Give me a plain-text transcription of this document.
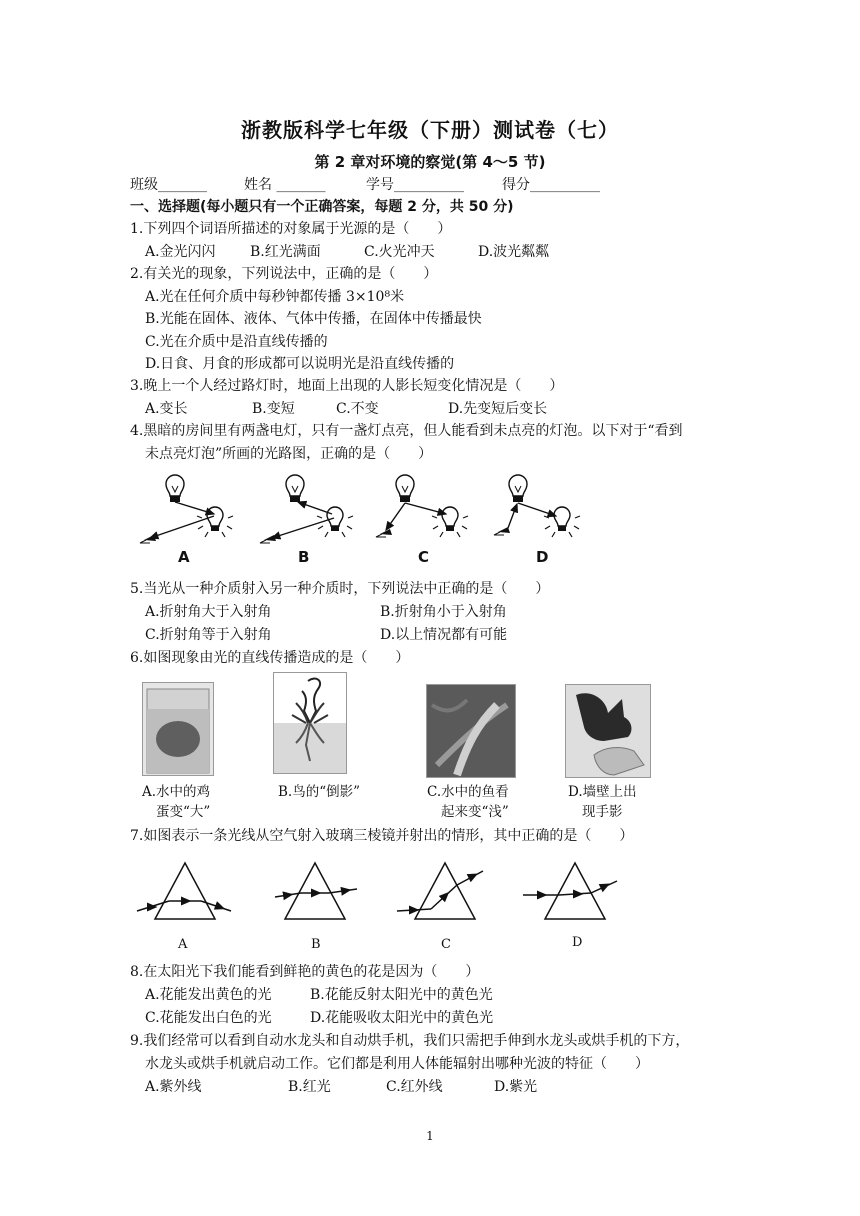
浙教版科学七年级（下册）测试卷（七）
第 2 章对环境的察觉(第 4～5 节)
班级_______	姓名 _______	学号__________	得分__________
一、选择题(每小题只有一个正确答案，每题 2 分，共 50 分)
1.下列四个词语所描述的对象属于光源的是（　　）
A.金光闪闪 B.红光满面	C.火光冲天	D.波光粼粼
2.有关光的现象，下列说法中，正确的是（　　）
A.光在任何介质中每秒钟都传播 3×10⁸米
B.光能在固体、液体、气体中传播，在固体中传播最快
C.光在介质中是沿直线传播的
D.日食、月食的形成都可以说明光是沿直线传播的
3.晚上一个人经过路灯时，地面上出现的人影长短变化情况是（　　）
A.变长	B.变短	C.不变	D.先变短后变长
4.黑暗的房间里有两盏电灯，只有一盏灯点亮，但人能看到未点亮的灯泡。以下对于“看到
未点亮灯泡”所画的光路图，正确的是（　　）
A	B	C	D
5.当光从一种介质射入另一种介质时，下列说法中正确的是（　　）
A.折射角大于入射角	B.折射角小于入射角
C.折射角等于入射角	D.以上情况都有可能
6.如图现象由光的直线传播造成的是（　　）
A.水中的鸡
蛋变“大”
B.鸟的“倒影”	C.水中的鱼看
起来变“浅”
D.墙壁上出
现手影
7.如图表示一条光线从空气射入玻璃三棱镜并射出的情形，其中正确的是（　　）
A	B	C	D
8.在太阳光下我们能看到鲜艳的黄色的花是因为（　　）
A.花能发出黄色的光	B.花能反射太阳光中的黄色光
C.花能发出白色的光	D.花能吸收太阳光中的黄色光
9.我们经常可以看到自动水龙头和自动烘手机，我们只需把手伸到水龙头或烘手机的下方，
水龙头或烘手机就启动工作。它们都是利用人体能辐射出哪种光波的特征（　　）
A.紫外线	B.红光	C.红外线	D.紫光
1
